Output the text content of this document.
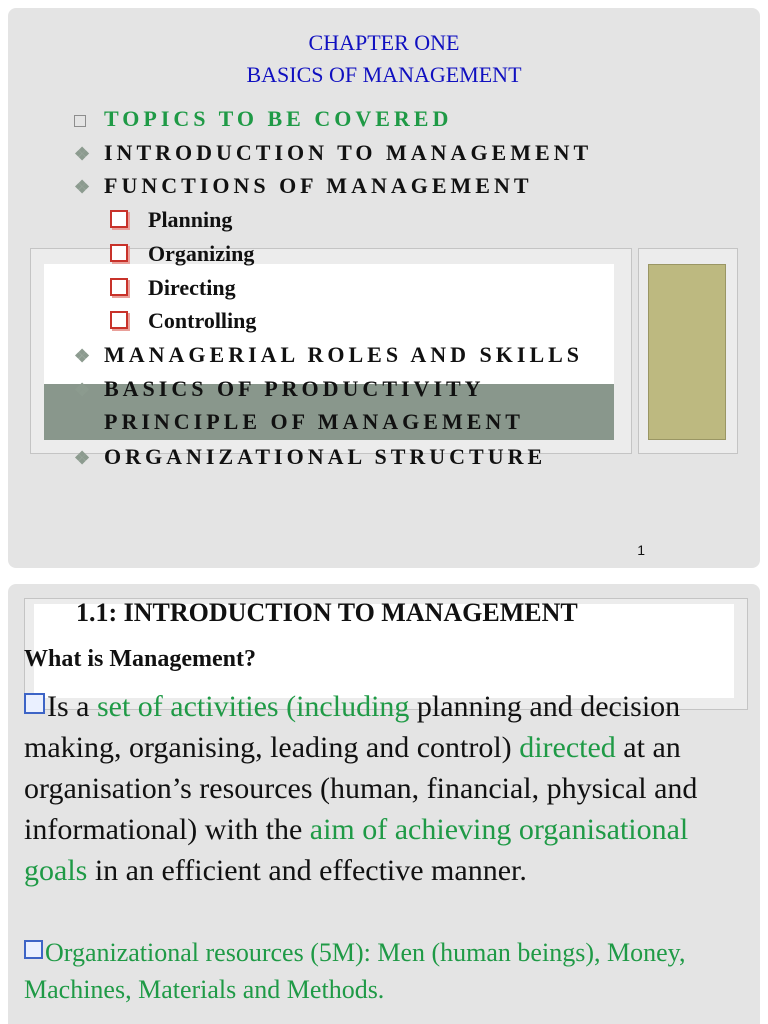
CHAPTER ONE
BASICS OF MANAGEMENT
TOPICS TO BE COVERED
❖ INTRODUCTION TO MANAGEMENT
❖ FUNCTIONS OF MANAGEMENT
Planning
Organizing
Directing
Controlling
❖ MANAGERIAL ROLES AND SKILLS
❖ BASICS OF PRODUCTIVITY
PRINCIPLE OF MANAGEMENT
❖ ORGANIZATIONAL STRUCTURE
1
1.1: INTRODUCTION TO MANAGEMENT
What is Management?
Is a set of activities (including planning and decision making, organising, leading and control) directed at an organisation’s resources (human, financial, physical and informational) with the aim of achieving organisational goals in an efficient and effective manner.
Organizational resources (5M): Men (human beings), Money, Machines, Materials and Methods.
